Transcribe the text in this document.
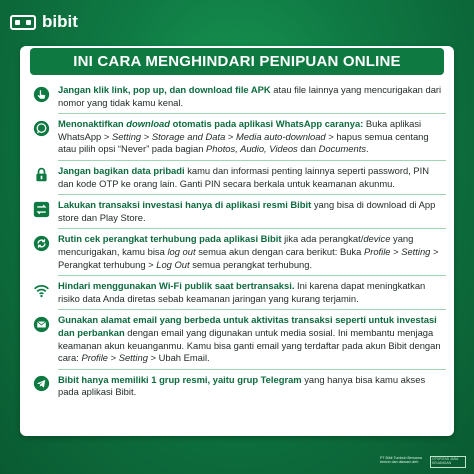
bibit
INI CARA MENGHINDARI PENIPUAN ONLINE
Jangan klik link, pop up, dan download file APK atau file lainnya yang mencurigakan dari nomor yang tidak kamu kenal.
Menonaktifkan download otomatis pada aplikasi WhatsApp caranya: Buka aplikasi WhatsApp > Setting > Storage and Data > Media auto-download > hapus semua centang atau pilih opsi “Never” pada bagian Photos, Audio, Videos dan Documents.
Jangan bagikan data pribadi kamu dan informasi penting lainnya seperti password, PIN dan kode OTP ke orang lain. Ganti PIN secara berkala untuk keamanan akunmu.
Lakukan transaksi investasi hanya di aplikasi resmi Bibit yang bisa di download di App store dan Play Store.
Rutin cek perangkat terhubung pada aplikasi Bibit jika ada perangkat/device yang mencurigakan, kamu bisa log out semua akun dengan cara berikut: Buka Profile > Setting > Perangkat terhubung > Log Out semua perangkat terhubung.
Hindari menggunakan Wi-Fi publik saat bertransaksi. Ini karena dapat meningkatkan risiko data Anda diretas sebab keamanan jaringan yang kurang terjamin.
Gunakan alamat email yang berbeda untuk aktivitas transaksi seperti untuk investasi dan perbankan dengan email yang digunakan untuk media sosial. Ini membantu menjaga keamanan akun keuanganmu. Kamu bisa ganti email yang terdaftar pada akun Bibit dengan cara: Profile > Setting > Ubah Email.
Bibit hanya memiliki 1 grup resmi, yaitu grup Telegram yang hanya bisa kamu akses pada aplikasi Bibit.
PT Bibit Tumbuh Bersama berizin dan diawasi oleh
OTORITAS JASA KEUANGAN
